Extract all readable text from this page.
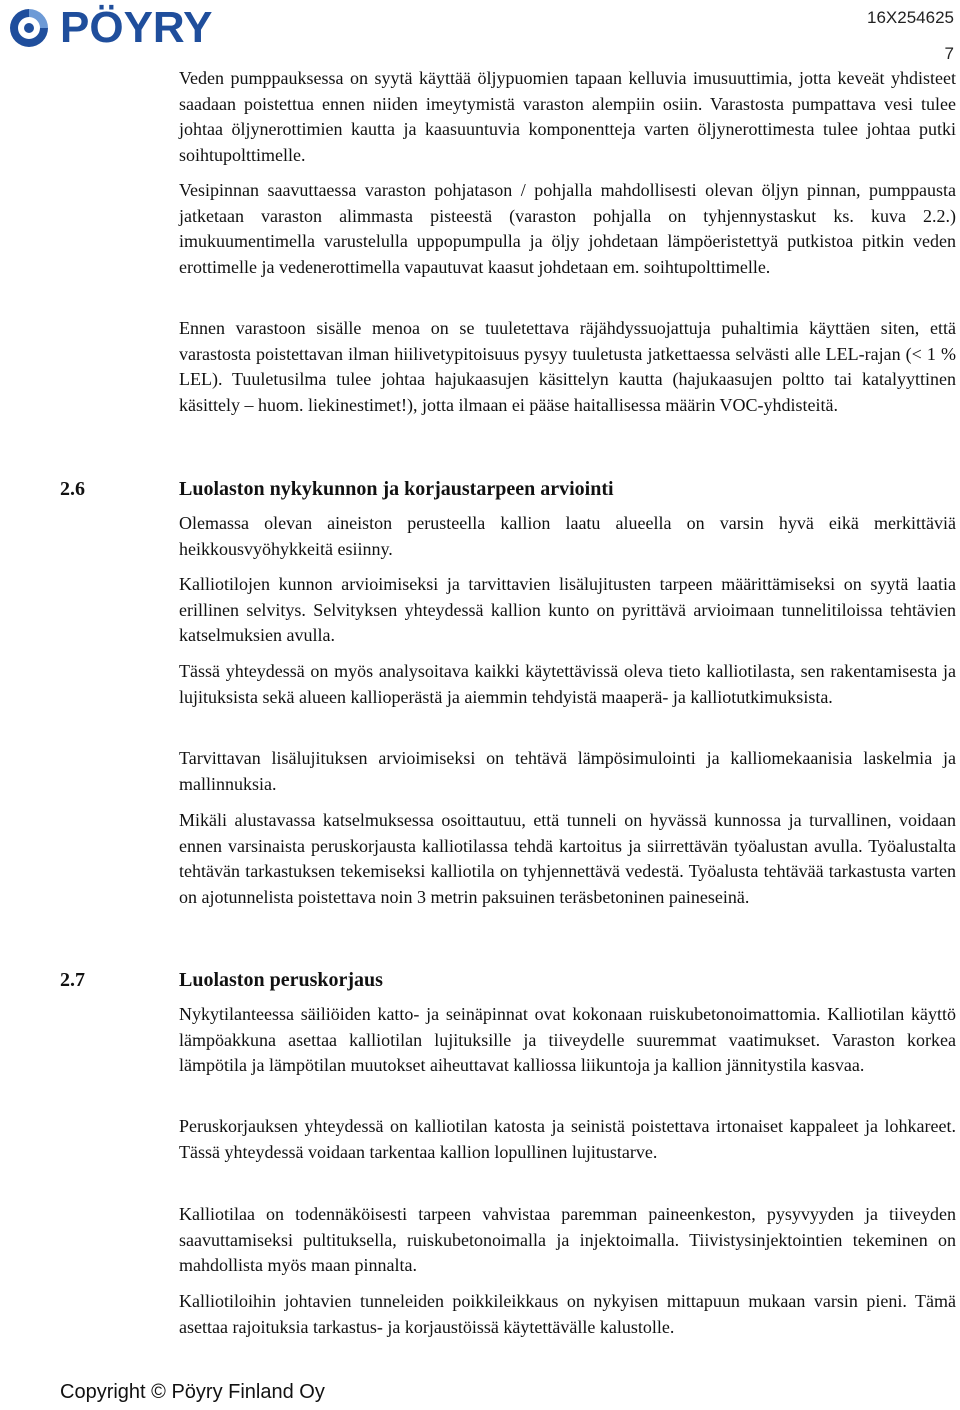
PÖYRY	16X254625
7

Veden pumppauksessa on syytä käyttää öljypuomien tapaan kelluvia imusuuttimia, jotta keveät yhdisteet saadaan poistettua ennen niiden imeytymistä varaston alempiin osiin. Varastosta pumpattava vesi tulee johtaa öljynerottimien kautta ja kaasuuntuvia komponentteja varten öljynerottimesta tulee johtaa putki soihtupolttimelle.

Vesipinnan saavuttaessa varaston pohjatason / pohjalla mahdollisesti olevan öljyn pinnan, pumppausta jatketaan varaston alimmasta pisteestä (varaston pohjalla on tyhjennystaskut ks. kuva 2.2.) imukuumentimella varustelulla uppopumpulla ja öljy johdetaan lämpöeristettyä putkistoa pitkin veden erottimelle ja vedenerottimella vapautuvat kaasut johdetaan em. soihtupolttimelle.

Ennen varastoon sisälle menoa on se tuuletettava räjähdyssuojattuja puhaltimia käyttäen siten, että varastosta poistettavan ilman hiilivetypitoisuus pysyy tuuletusta jatkettaessa selvästi alle LEL-rajan (< 1 % LEL). Tuuletusilma tulee johtaa hajukaasujen käsittelyn kautta (hajukaasujen poltto tai katalyyttinen käsittely – huom. liekinestimet!), jotta ilmaan ei pääse haitallisessa määrin VOC-yhdisteitä.

2.6	Luolaston nykykunnon ja korjaustarpeen arviointi

Olemassa olevan aineiston perusteella kallion laatu alueella on varsin hyvä eikä merkittäviä heikkousvyöhykkeitä esiinny.

Kalliotilojen kunnon arvioimiseksi ja tarvittavien lisälujitusten tarpeen määrittämiseksi on syytä laatia erillinen selvitys. Selvityksen yhteydessä kallion kunto on pyrittävä arvioimaan tunnelitiloissa tehtävien katselmuksien avulla.

Tässä yhteydessä on myös analysoitava kaikki käytettävissä oleva tieto kalliotilasta, sen rakentamisesta ja lujituksista sekä alueen kallioperästä ja aiemmin tehdyistä maaperä- ja kalliotutkimuksista.

Tarvittavan lisälujituksen arvioimiseksi on tehtävä lämpösimulointi ja kalliomekaanisia laskelmia ja mallinnuksia.

Mikäli alustavassa katselmuksessa osoittautuu, että tunneli on hyvässä kunnossa ja turvallinen, voidaan ennen varsinaista peruskorjausta kalliotilassa tehdä kartoitus ja siirrettävän työalustan avulla. Työalustalta tehtävän tarkastuksen tekemiseksi kalliotila on tyhjennettävä vedestä. Työalusta tehtävää tarkastusta varten on ajotunnelista poistettava noin 3 metrin paksuinen teräsbetoninen paineseinä.

2.7	Luolaston peruskorjaus

Nykytilanteessa säiliöiden katto- ja seinäpinnat ovat kokonaan ruiskubetonoimattomia. Kalliotilan käyttö lämpöakkuna asettaa kalliotilan lujituksille ja tiiveydelle suuremmat vaatimukset. Varaston korkea lämpötila ja lämpötilan muutokset aiheuttavat kalliossa liikuntoja ja kallion jännitystila kasvaa.

Peruskorjauksen yhteydessä on kalliotilan katosta ja seinistä poistettava irtonaiset kappaleet ja lohkareet. Tässä yhteydessä voidaan tarkentaa kallion lopullinen lujitustarve.

Kalliotilaa on todennäköisesti tarpeen vahvistaa paremman paineenkeston, pysyvyyden ja tiiveyden saavuttamiseksi pultituksella, ruiskubetonoimalla ja injektoimalla. Tiivistysinjektointien tekeminen on mahdollista myös maan pinnalta.

Kalliotiloihin johtavien tunneleiden poikkileikkaus on nykyisen mittapuun mukaan varsin pieni. Tämä asettaa rajoituksia tarkastus- ja korjaustöissä käytettävälle kalustolle.

Copyright © Pöyry Finland Oy
